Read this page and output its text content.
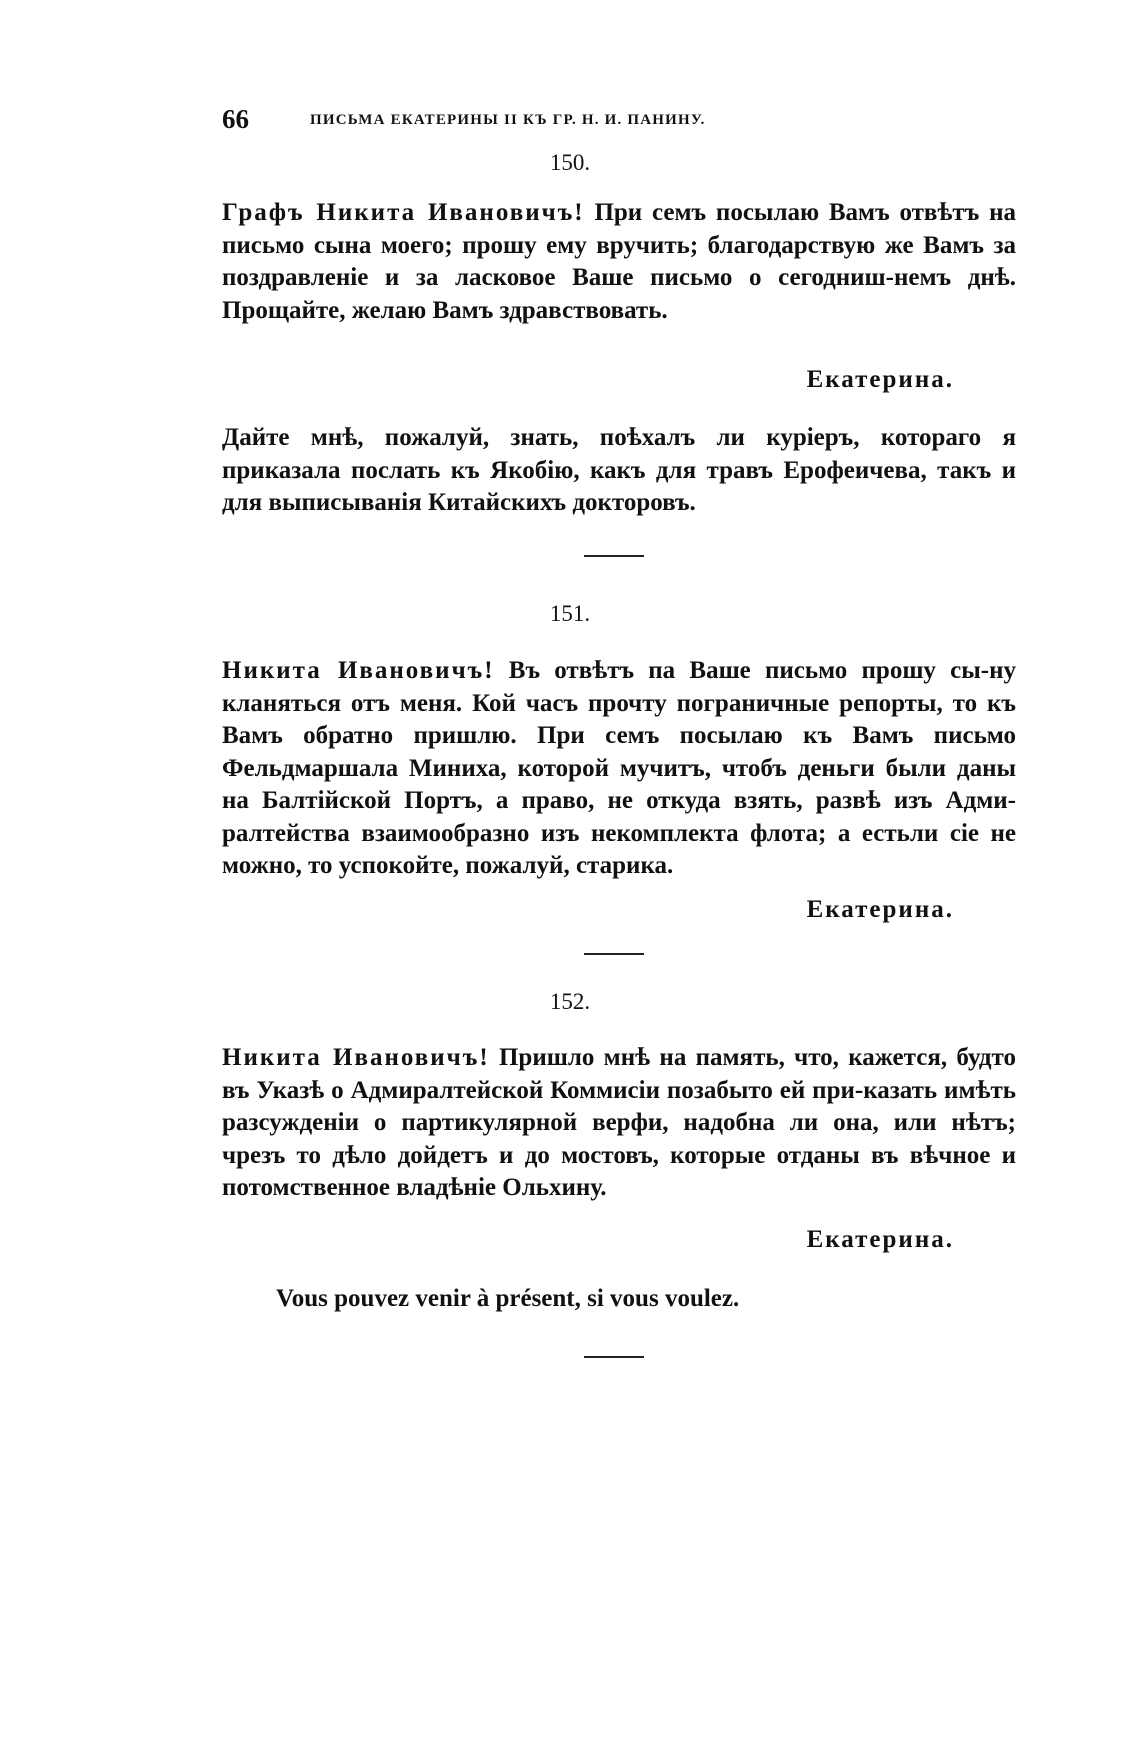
66	ПИСЬМА ЕКАТЕРИНЫ II КЪ ГР. Н. И. ПАНИНУ.
150.

Графъ Никита Ивановичъ! При семъ посылаю Вамъ отвѣтъ на письмо сына моего; прошу ему вручить; благодарствую же Вамъ за поздравленіе и за ласковое Ваше письмо о сегодниш-немъ днѣ. Прощайте, желаю Вамъ здравствовать.

Екатерина.

Дайте мнѣ, пожалуй, знать, поѣхалъ ли куріеръ, котораго я приказала послать къ Якобію, какъ для травъ Ерофеичева, такъ и для выписыванія Китайскихъ докторовъ.

151.

Никита Ивановичъ! Въ отвѣтъ па Ваше письмо прошу сы-ну кланяться отъ меня. Кой часъ прочту пограничные репорты, то къ Вамъ обратно пришлю. При семъ посылаю къ Вамъ письмо Фельдмаршала Миниха, которой мучитъ, чтобъ деньги были даны на Балтійской Портъ, а право, не откуда взять, развѣ изъ Адми-ралтейства взаимообразно изъ некомплекта флота; а естьли сіе не можно, то успокойте, пожалуй, старика.

Екатерина.
152.

Никита Ивановичъ! Пришло мнѣ на память, что, кажется, будто въ Указѣ о Адмиралтейской Коммисіи позабыто ей при-казать имѣть разсужденіи о партикулярной верфи, надобна ли она, или нѣтъ; чрезъ то дѣло дойдетъ и до мостовъ, которые отданы въ вѣчное и потомственное владѣніе Ольхину.

Екатерина.
Vous pouvez venir à présent, si vous voulez.
